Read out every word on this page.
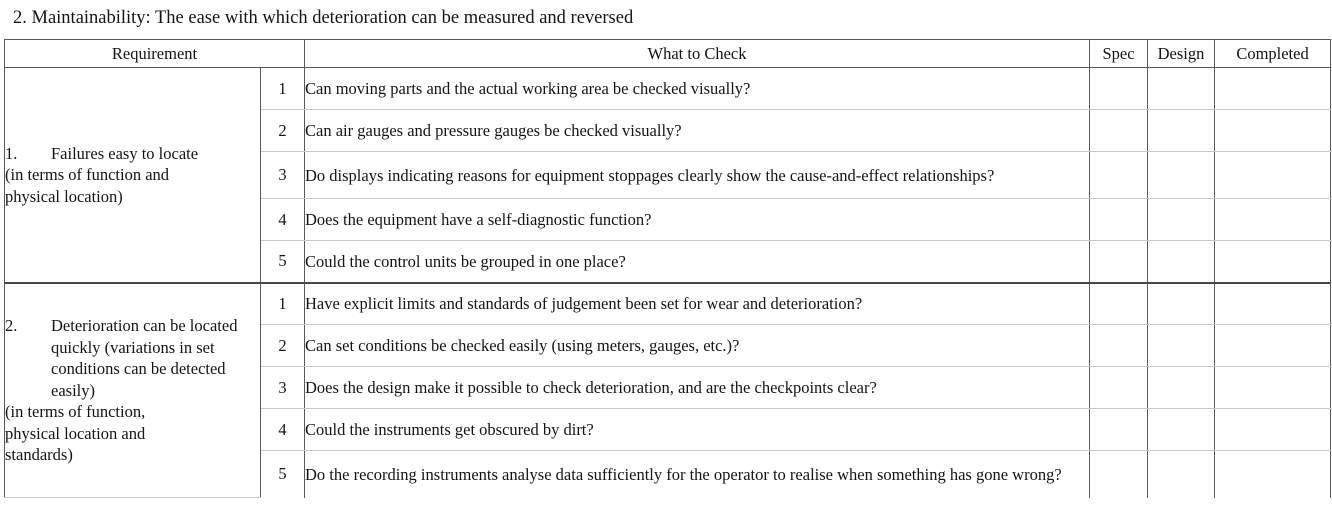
2. Maintainability: The ease with which deterioration can be measured and reversed
Requirement		What to Check	Spec	Design	Completed

1. Failures easy to locate
(in terms of function and
physical location)	1	Can moving parts and the actual working area be checked visually?			
	2	Can air gauges and pressure gauges be checked visually?			
	3	Do displays indicating reasons for equipment stoppages clearly show the cause-and-effect relationships?			
	4	Does the equipment have a self-diagnostic function?			
	5	Could the control units be grouped in one place?			

2. Deterioration can be located quickly (variations in set conditions can be detected easily)
(in terms of function,
physical location and
standards)	1	Have explicit limits and standards of judgement been set for wear and deterioration?			
	2	Can set conditions be checked easily (using meters, gauges, etc.)?			
	3	Does the design make it possible to check deterioration, and are the checkpoints clear?			
	4	Could the instruments get obscured by dirt?			
	5	Do the recording instruments analyse data sufficiently for the operator to realise when something has gone wrong?			
